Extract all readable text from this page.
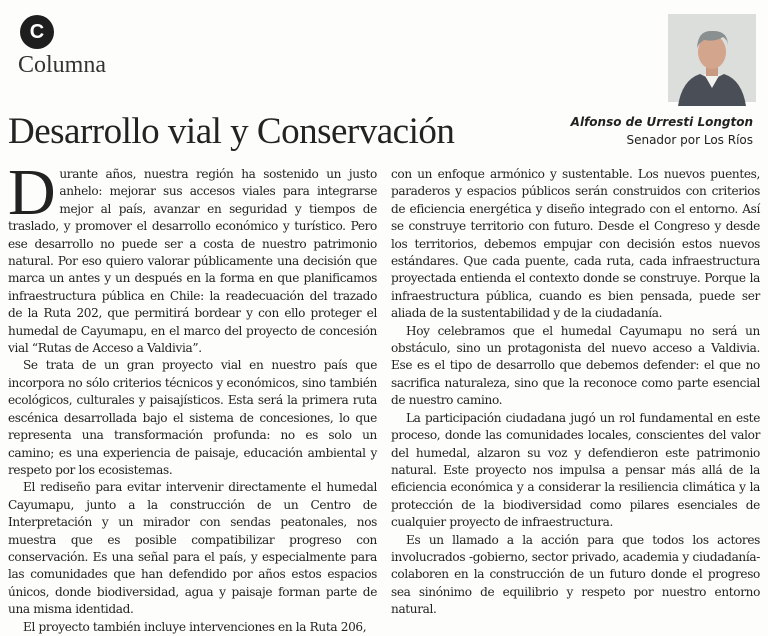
C
Columna
Alfonso de Urresti Longton
Senador por Los Ríos
Desarrollo vial y Conservación

Durante años, nuestra región ha sostenido un justo anhelo: mejorar sus accesos viales para integrarse mejor al país, avanzar en seguridad y tiempos de traslado, y promover el desarrollo económico y turístico. Pero ese desarrollo no puede ser a costa de nuestro patrimonio natural. Por eso quiero valorar públicamente una decisión que marca un antes y un después en la forma en que planificamos infraestructura pública en Chile: la readecuación del trazado de la Ruta 202, que permitirá bordear y con ello proteger el humedal de Cayumapu, en el marco del proyecto de concesión vial “Rutas de Acceso a Valdivia”.

Se trata de un gran proyecto vial en nuestro país que incorpora no sólo criterios técnicos y económicos, sino también ecológicos, culturales y paisajísticos. Esta será la primera ruta escénica desarrollada bajo el sistema de concesiones, lo que representa una transformación profunda: no es solo un camino; es una experiencia de paisaje, educación ambiental y respeto por los ecosistemas.

El rediseño para evitar intervenir directamente el humedal Cayumapu, junto a la construcción de un Centro de Interpretación y un mirador con sendas peatonales, nos muestra que es posible compatibilizar progreso con conservación. Es una señal para el país, y especialmente para las comunidades que han defendido por años estos espacios únicos, donde biodiversidad, agua y paisaje forman parte de una misma identidad.

El proyecto también incluye intervenciones en la Ruta 206,

con un enfoque armónico y sustentable. Los nuevos puentes, paraderos y espacios públicos serán construidos con criterios de eficiencia energética y diseño integrado con el entorno. Así se construye territorio con futuro. Desde el Congreso y desde los territorios, debemos empujar con decisión estos nuevos estándares. Que cada puente, cada ruta, cada infraestructura proyectada entienda el contexto donde se construye. Porque la infraestructura pública, cuando es bien pensada, puede ser aliada de la sustentabilidad y de la ciudadanía.

Hoy celebramos que el humedal Cayumapu no será un obstáculo, sino un protagonista del nuevo acceso a Valdivia. Ese es el tipo de desarrollo que debemos defender: el que no sacrifica naturaleza, sino que la reconoce como parte esencial de nuestro camino.

La participación ciudadana jugó un rol fundamental en este proceso, donde las comunidades locales, conscientes del valor del humedal, alzaron su voz y defendieron este patrimonio natural. Este proyecto nos impulsa a pensar más allá de la eficiencia económica y a considerar la resiliencia climática y la protección de la biodiversidad como pilares esenciales de cualquier proyecto de infraestructura.

Es un llamado a la acción para que todos los actores involucrados -gobierno, sector privado, academia y ciudadanía- colaboren en la construcción de un futuro donde el progreso sea sinónimo de equilibrio y respeto por nuestro entorno natural.
